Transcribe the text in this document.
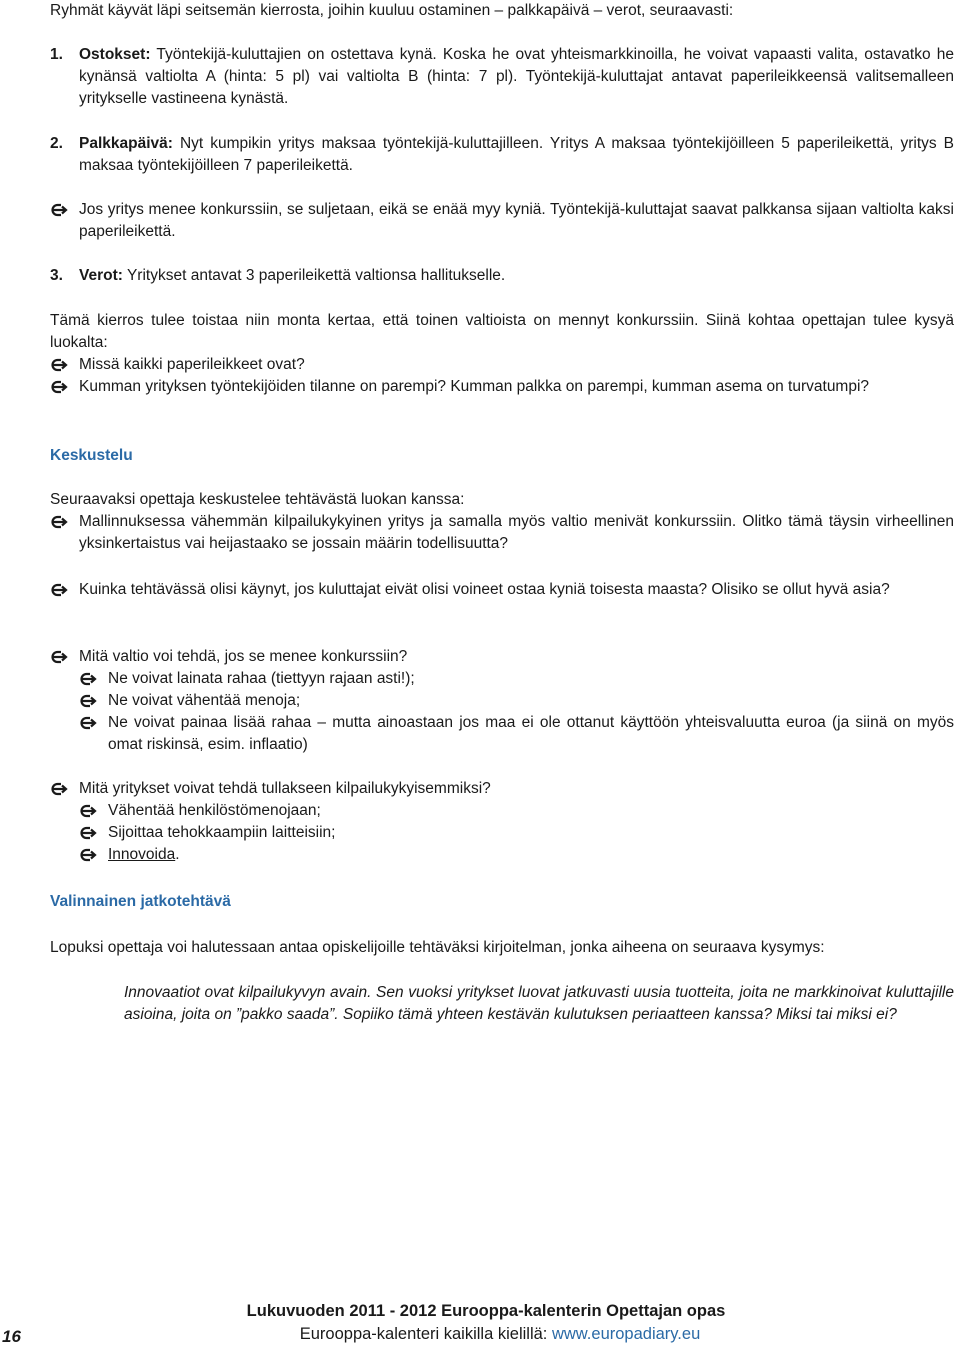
Ryhmät käyvät läpi seitsemän kierrosta, joihin kuuluu ostaminen – palkkapäivä – verot, seuraavasti:
1. Ostokset: Työntekijä-kuluttajien on ostettava kynä. Koska he ovat yhteismarkkinoilla, he voivat vapaasti valita, ostavatko he kynänsä valtiolta A (hinta: 5 pl) vai valtiolta B (hinta: 7 pl). Työntekijä-kuluttajat antavat paperileikkeensä valitsemalleen yritykselle vastineena kynästä.
2. Palkkapäivä: Nyt kumpikin yritys maksaa työntekijä-kuluttajilleen. Yritys A maksaa työntekijöilleen 5 paperileikettä, yritys B maksaa työntekijöilleen 7 paperileikettä.
Jos yritys menee konkurssiin, se suljetaan, eikä se enää myy kyniä. Työntekijä-kuluttajat saavat palkkansa sijaan valtiolta kaksi paperileikettä.
3. Verot: Yritykset antavat 3 paperileikettä valtionsa hallitukselle.
Tämä kierros tulee toistaa niin monta kertaa, että toinen valtioista on mennyt konkurssiin. Siinä kohtaa opettajan tulee kysyä luokalta:
Missä kaikki paperileikkeet ovat?
Kumman yrityksen työntekijöiden tilanne on parempi? Kumman palkka on parempi, kumman asema on turvatumpi?
Keskustelu
Seuraavaksi opettaja keskustelee tehtävästä luokan kanssa:
Mallinnuksessa vähemmän kilpailukykyinen yritys ja samalla myös valtio menivät konkurssiin. Olitko tämä täysin virheellinen yksinkertaistus vai heijastaako se jossain määrin todellisuutta?
Kuinka tehtävässä olisi käynyt, jos kuluttajat eivät olisi voineet ostaa kyniä toisesta maasta? Olisiko se ollut hyvä asia?
Mitä valtio voi tehdä, jos se menee konkurssiin?
Ne voivat lainata rahaa (tiettyyn rajaan asti!);
Ne voivat vähentää menoja;
Ne voivat painaa lisää rahaa – mutta ainoastaan jos maa ei ole ottanut käyttöön yhteisvaluutta euroa (ja siinä on myös omat riskinsä, esim. inflaatio)
Mitä yritykset voivat tehdä tullakseen kilpailukykyisemmiksi?
Vähentää henkilöstömenojaan;
Sijoittaa tehokkaampiin laitteisiin;
Innovoida.
Valinnainen jatkotehtävä
Lopuksi opettaja voi halutessaan antaa opiskelijoille tehtäväksi kirjoitelman, jonka aiheena on seuraava kysymys:
Innovaatiot ovat kilpailukyvyn avain. Sen vuoksi yritykset luovat jatkuvasti uusia tuotteita, joita ne markkinoivat kuluttajille asioina, joita on ”pakko saada”. Sopiiko tämä yhteen kestävän kulutuksen periaatteen kanssa? Miksi tai miksi ei?
Lukuvuoden 2011 - 2012 Eurooppa-kalenterin Opettajan opas
Eurooppa-kalenteri kaikilla kielillä: www.europadiary.eu
16
